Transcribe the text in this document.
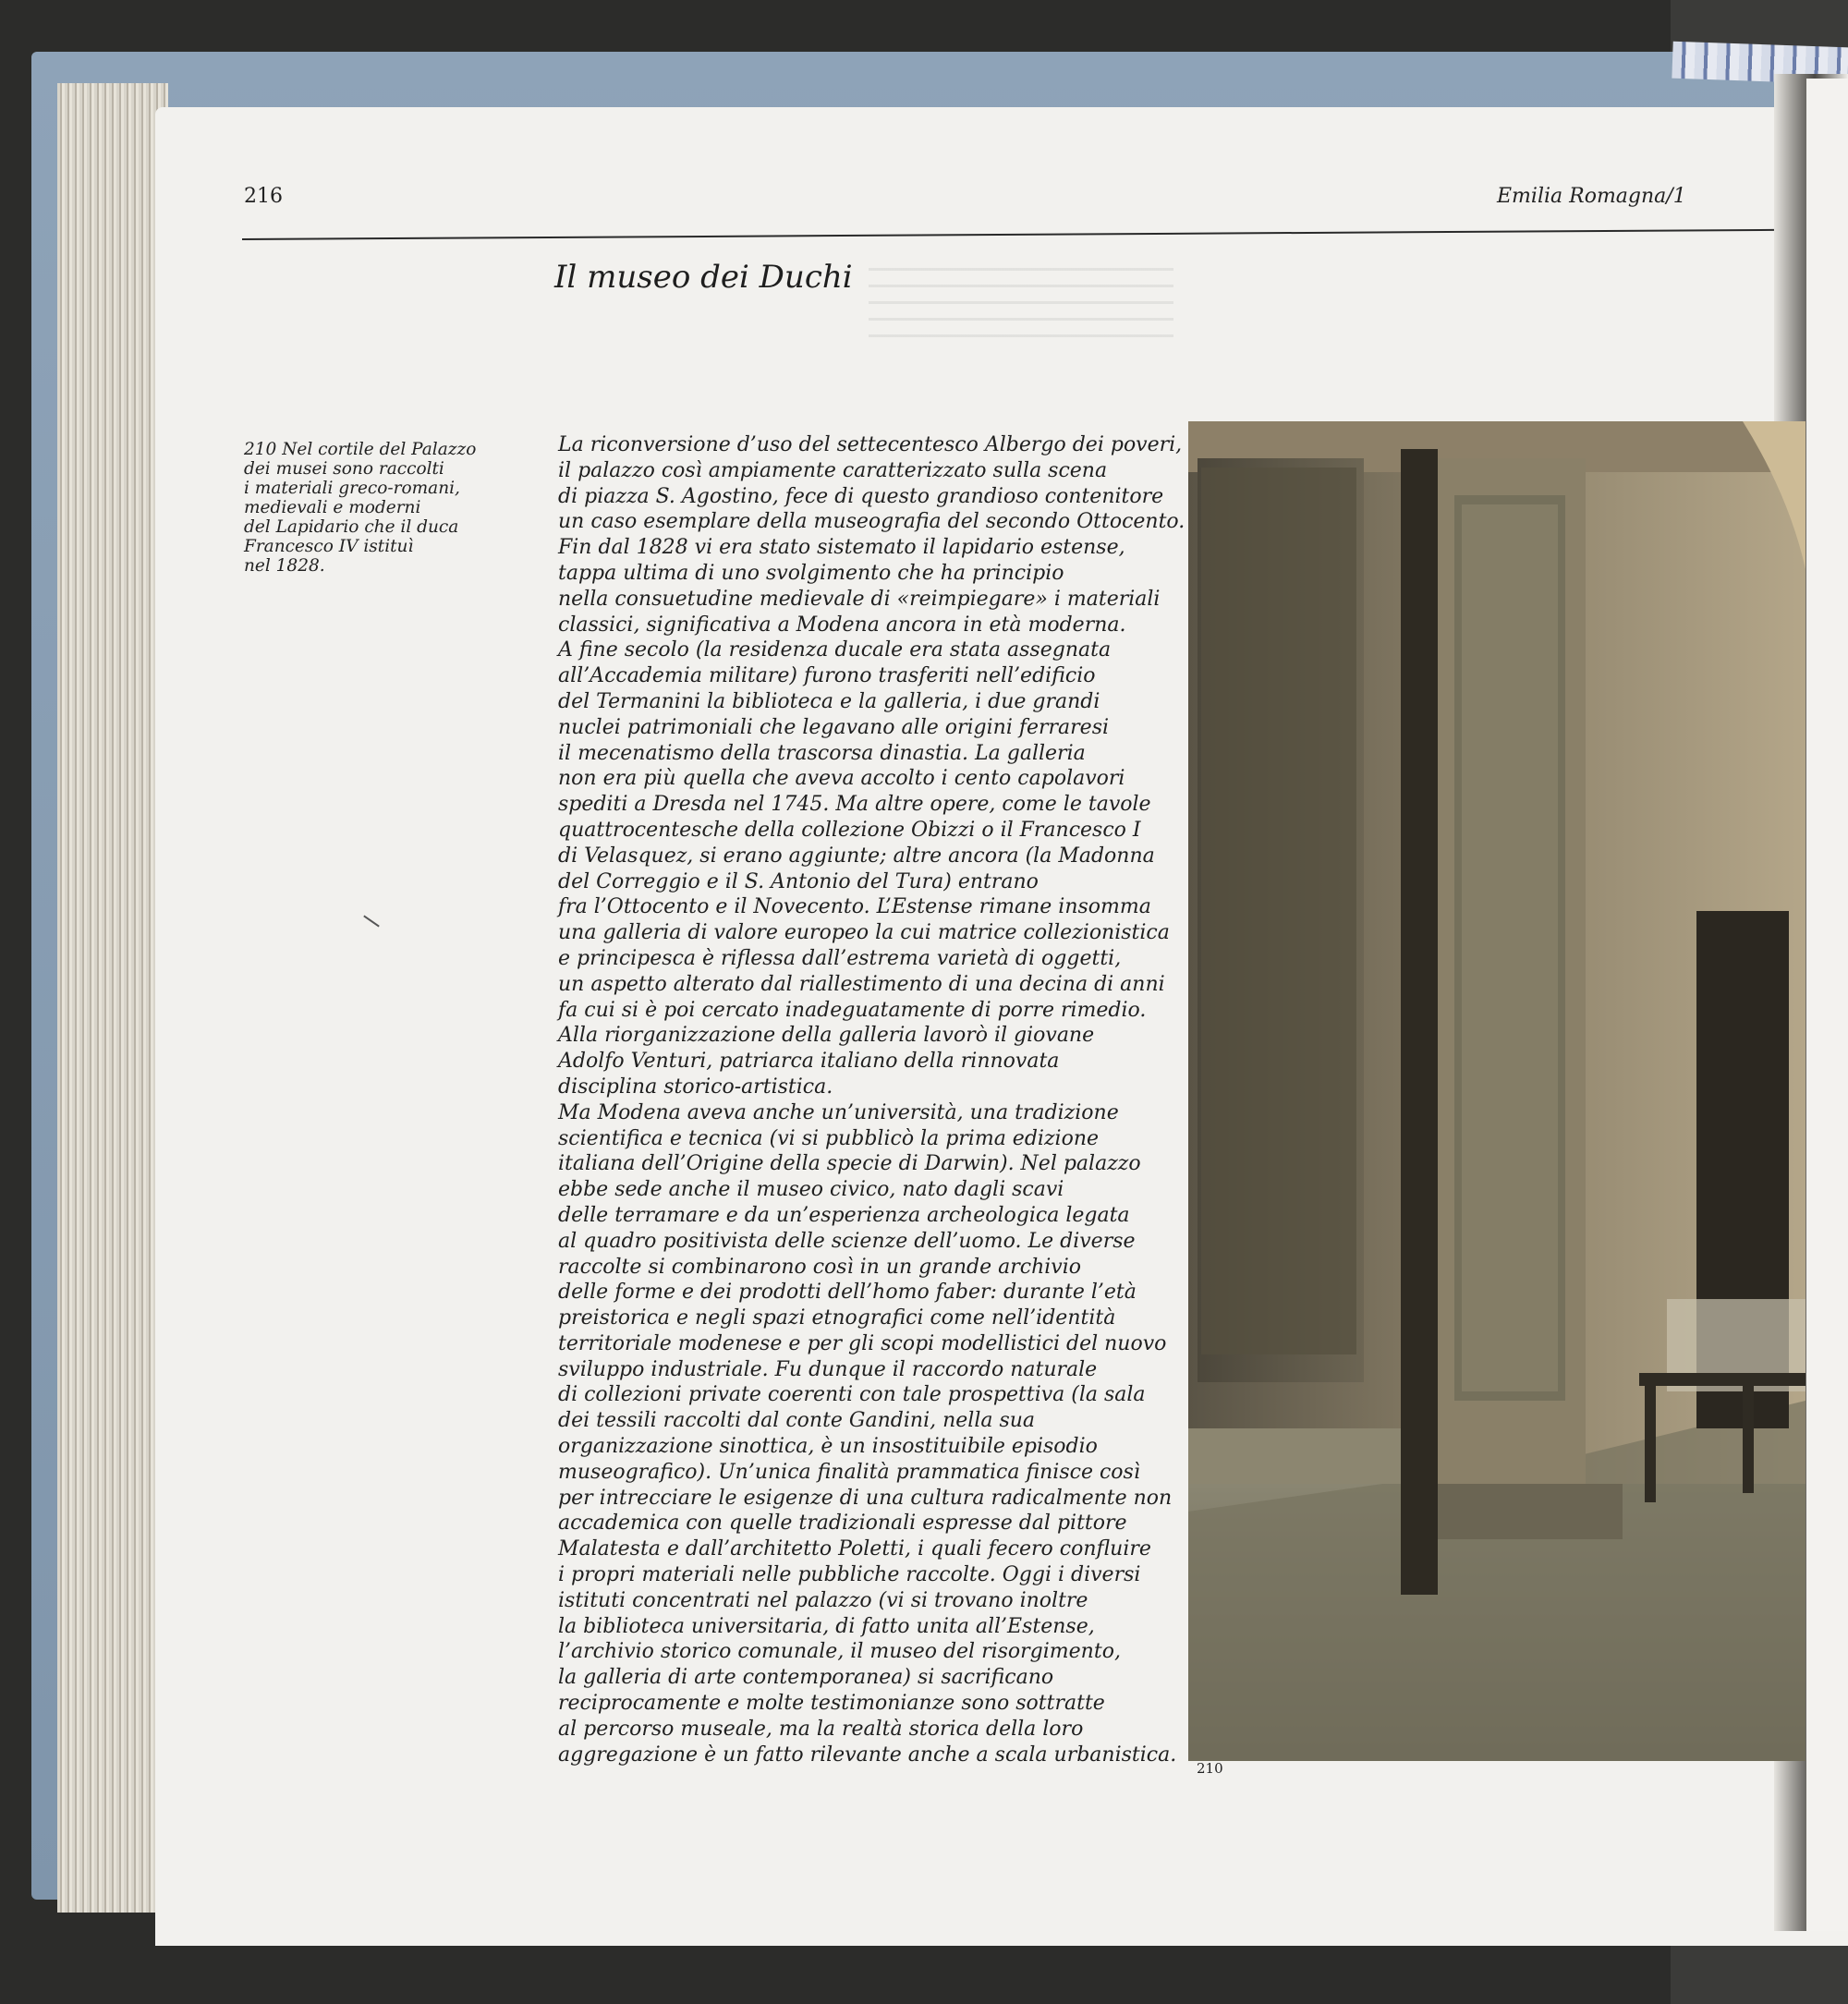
216	Emilia Romagna/1
Il museo dei Duchi
210 Nel cortile del Palazzo
dei musei sono raccolti
i materiali greco-romani,
medievali e moderni
del Lapidario che il duca
Francesco IV istituì
nel 1828.
La riconversione d’uso del settecentesco Albergo dei poveri,
il palazzo così ampiamente caratterizzato sulla scena
di piazza S. Agostino, fece di questo grandioso contenitore
un caso esemplare della museografia del secondo Ottocento.
Fin dal 1828 vi era stato sistemato il lapidario estense,
tappa ultima di uno svolgimento che ha principio
nella consuetudine medievale di «reimpiegare» i materiali
classici, significativa a Modena ancora in età moderna.
A fine secolo (la residenza ducale era stata assegnata
all’Accademia militare) furono trasferiti nell’edificio
del Termanini la biblioteca e la galleria, i due grandi
nuclei patrimoniali che legavano alle origini ferraresi
il mecenatismo della trascorsa dinastia. La galleria
non era più quella che aveva accolto i cento capolavori
spediti a Dresda nel 1745. Ma altre opere, come le tavole
quattrocentesche della collezione Obizzi o il Francesco I
di Velasquez, si erano aggiunte; altre ancora (la Madonna
del Correggio e il S. Antonio del Tura) entrano
fra l’Ottocento e il Novecento. L’Estense rimane insomma
una galleria di valore europeo la cui matrice collezionistica
e principesca è riflessa dall’estrema varietà di oggetti,
un aspetto alterato dal riallestimento di una decina di anni
fa cui si è poi cercato inadeguatamente di porre rimedio.
Alla riorganizzazione della galleria lavorò il giovane
Adolfo Venturi, patriarca italiano della rinnovata
disciplina storico-artistica.
Ma Modena aveva anche un’università, una tradizione
scientifica e tecnica (vi si pubblicò la prima edizione
italiana dell’Origine della specie di Darwin). Nel palazzo
ebbe sede anche il museo civico, nato dagli scavi
delle terramare e da un’esperienza archeologica legata
al quadro positivista delle scienze dell’uomo. Le diverse
raccolte si combinarono così in un grande archivio
delle forme e dei prodotti dell’homo faber: durante l’età
preistorica e negli spazi etnografici come nell’identità
territoriale modenese e per gli scopi modellistici del nuovo
sviluppo industriale. Fu dunque il raccordo naturale
di collezioni private coerenti con tale prospettiva (la sala
dei tessili raccolti dal conte Gandini, nella sua
organizzazione sinottica, è un insostituibile episodio
museografico). Un’unica finalità prammatica finisce così
per intrecciare le esigenze di una cultura radicalmente non
accademica con quelle tradizionali espresse dal pittore
Malatesta e dall’architetto Poletti, i quali fecero confluire
i propri materiali nelle pubbliche raccolte. Oggi i diversi
istituti concentrati nel palazzo (vi si trovano inoltre
la biblioteca universitaria, di fatto unita all’Estense,
l’archivio storico comunale, il museo del risorgimento,
la galleria di arte contemporanea) si sacrificano
reciprocamente e molte testimonianze sono sottratte
al percorso museale, ma la realtà storica della loro
aggregazione è un fatto rilevante anche a scala urbanistica.
210
